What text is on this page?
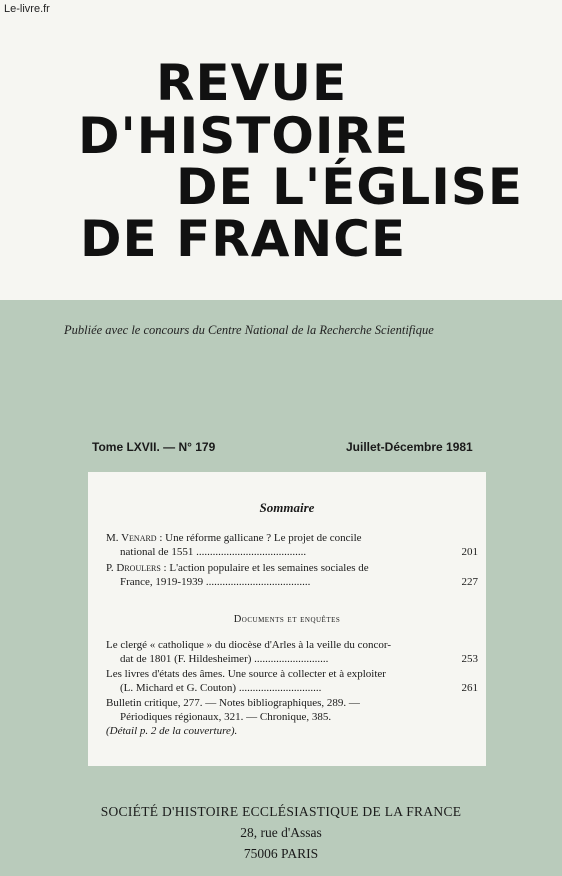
Le-livre.fr
REVUE
D'HISTOIRE
DE L'ÉGLISE
DE FRANCE
Publiée avec le concours du Centre National de la Recherche Scientifique
Tome LXVII. — N° 179	Juillet-Décembre 1981
Sommaire
M. Venard : Une réforme gallicane ? Le projet de concile
national de 1551 ........................................	201
P. Droulers : L'action populaire et les semaines sociales de
France, 1919-1939 ......................................	227
Documents et enquêtes
Le clergé « catholique » du diocèse d'Arles à la veille du concor-
dat de 1801 (F. Hildesheimer) ...........................	253
Les livres d'états des âmes. Une source à collecter et à exploiter
(L. Michard et G. Couton) ..............................	261
Bulletin critique, 277. — Notes bibliographiques, 289. —
Périodiques régionaux, 321. — Chronique, 385.
(Détail p. 2 de la couverture).
SOCIÉTÉ D'HISTOIRE ECCLÉSIASTIQUE DE LA FRANCE
28, rue d'Assas
75006 PARIS
